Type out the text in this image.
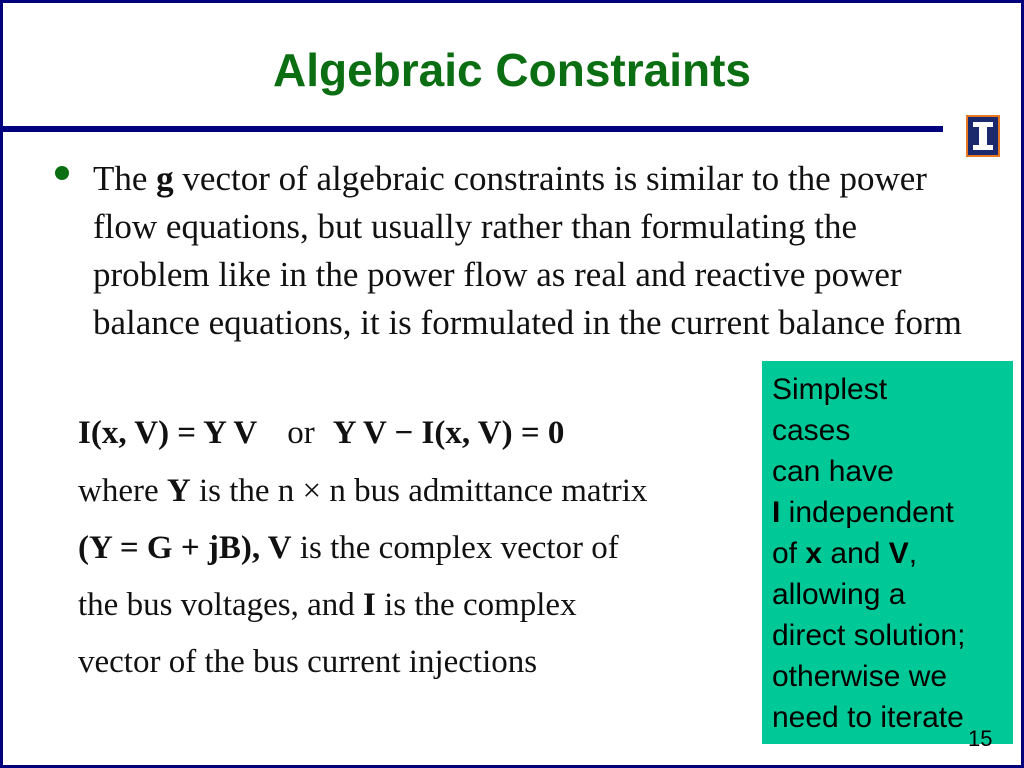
Algebraic Constraints
The g vector of algebraic constraints is similar to the power flow equations, but usually rather than formulating the problem like in the power flow as real and reactive power balance equations, it is formulated in the current balance form
I(x, V) = Y V or Y V − I(x, V) = 0
where Y is the n × n bus admittance matrix
(Y = G + jB), V is the complex vector of
the bus voltages, and I is the complex
vector of the bus current injections
Simplest
cases
can have
I independent
of x and V,
allowing a
direct solution;
otherwise we
need to iterate
15
